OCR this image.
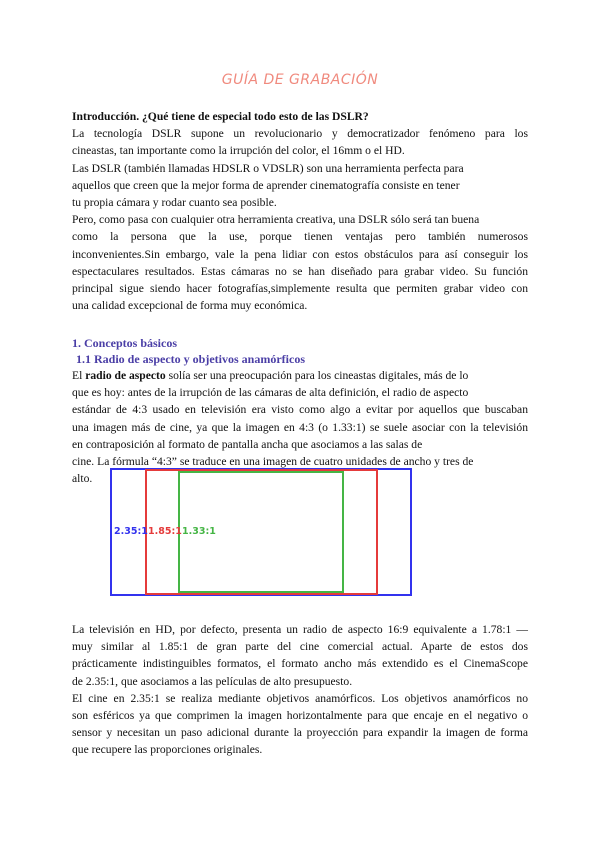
GUÍA DE GRABACIÓN

Introducción. ¿Qué tiene de especial todo esto de las DSLR?

La tecnología DSLR supone un revolucionario y democratizador fenómeno para los

cineastas, tan importante como la irrupción del color, el 16mm o el HD.

Las DSLR (también llamadas HDSLR o VDSLR) son una herramienta perfecta para

aquellos que creen que la mejor forma de aprender cinematografía consiste en tener

tu propia cámara y rodar cuanto sea posible.

Pero, como pasa con cualquier otra herramienta creativa, una DSLR sólo será tan buena

como la persona que la use, porque tienen ventajas pero también numerosos

inconvenientes.Sin embargo, vale la pena lidiar con estos obstáculos para así conseguir los

espectaculares resultados. Estas cámaras no se han diseñado para grabar video. Su función

principal sigue siendo hacer fotografías,simplemente resulta que permiten grabar video con

una calidad excepcional de forma muy económica.

1. Conceptos básicos
1.1 Radio de aspecto y objetivos anamórficos

El radio de aspecto solía ser una preocupación para los cineastas digitales, más de lo

que es hoy: antes de la irrupción de las cámaras de alta definición, el radio de aspecto

estándar de 4:3 usado en televisión era visto como algo a evitar por aquellos que buscaban

una imagen más de cine, ya que la imagen en 4:3 (o 1.33:1) se suele asociar con la televisión

en contraposición al formato de pantalla ancha que asociamos a las salas de

cine. La fórmula “4:3” se traduce en una imagen de cuatro unidades de ancho y tres de

alto.

2.35:1 1.85:1 1.33:1

La televisión en HD, por defecto, presenta un radio de aspecto 16:9 equivalente a 1.78:1 —

muy similar al 1.85:1 de gran parte del cine comercial actual. Aparte de estos dos

prácticamente indistinguibles formatos, el formato ancho más extendido es el CinemaScope

de 2.35:1, que asociamos a las películas de alto presupuesto.

El cine en 2.35:1 se realiza mediante objetivos anamórficos. Los objetivos anamórficos no

son esféricos ya que comprimen la imagen horizontalmente para que encaje en el negativo o

sensor y necesitan un paso adicional durante la proyección para expandir la imagen de forma

que recupere las proporciones originales.
